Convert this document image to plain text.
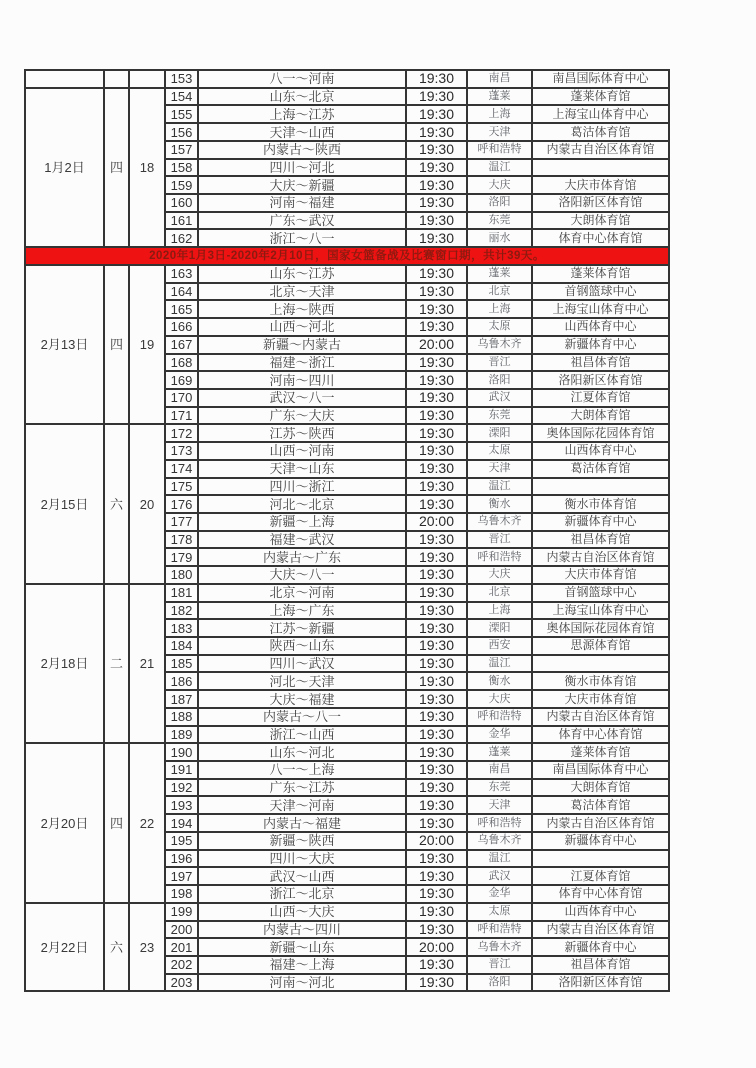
			153	八一～河南	19:30	南昌	南昌国际体育中心
1月2日	四	18	154	山东～北京	19:30	蓬莱	蓬莱体育馆
			155	上海～江苏	19:30	上海	上海宝山体育中心
			156	天津～山西	19:30	天津	葛沽体育馆
			157	内蒙古～陕西	19:30	呼和浩特	内蒙古自治区体育馆
			158	四川～河北	19:30	温江	
			159	大庆～新疆	19:30	大庆	大庆市体育馆
			160	河南～福建	19:30	洛阳	洛阳新区体育馆
			161	广东～武汉	19:30	东莞	大朗体育馆
			162	浙江～八一	19:30	丽水	体育中心体育馆
2020年1月3日-2020年2月10日，国家女篮备战及比赛窗口期，共计39天。							
2月13日	四	19	163	山东～江苏	19:30	蓬莱	蓬莱体育馆
			164	北京～天津	19:30	北京	首钢篮球中心
			165	上海～陕西	19:30	上海	上海宝山体育中心
			166	山西～河北	19:30	太原	山西体育中心
			167	新疆～内蒙古	20:00	乌鲁木齐	新疆体育中心
			168	福建～浙江	19:30	晋江	祖昌体育馆
			169	河南～四川	19:30	洛阳	洛阳新区体育馆
			170	武汉～八一	19:30	武汉	江夏体育馆
			171	广东～大庆	19:30	东莞	大朗体育馆
2月15日	六	20	172	江苏～陕西	19:30	溧阳	奥体国际花园体育馆
			173	山西～河南	19:30	太原	山西体育中心
			174	天津～山东	19:30	天津	葛沽体育馆
			175	四川～浙江	19:30	温江	
			176	河北～北京	19:30	衡水	衡水市体育馆
			177	新疆～上海	20:00	乌鲁木齐	新疆体育中心
			178	福建～武汉	19:30	晋江	祖昌体育馆
			179	内蒙古～广东	19:30	呼和浩特	内蒙古自治区体育馆
			180	大庆～八一	19:30	大庆	大庆市体育馆
2月18日	二	21	181	北京～河南	19:30	北京	首钢篮球中心
			182	上海～广东	19:30	上海	上海宝山体育中心
			183	江苏～新疆	19:30	溧阳	奥体国际花园体育馆
			184	陕西～山东	19:30	西安	思源体育馆
			185	四川～武汉	19:30	温江	
			186	河北～天津	19:30	衡水	衡水市体育馆
			187	大庆～福建	19:30	大庆	大庆市体育馆
			188	内蒙古～八一	19:30	呼和浩特	内蒙古自治区体育馆
			189	浙江～山西	19:30	金华	体育中心体育馆
2月20日	四	22	190	山东～河北	19:30	蓬莱	蓬莱体育馆
			191	八一～上海	19:30	南昌	南昌国际体育中心
			192	广东～江苏	19:30	东莞	大朗体育馆
			193	天津～河南	19:30	天津	葛沽体育馆
			194	内蒙古～福建	19:30	呼和浩特	内蒙古自治区体育馆
			195	新疆～陕西	20:00	乌鲁木齐	新疆体育中心
			196	四川～大庆	19:30	温江	
			197	武汉～山西	19:30	武汉	江夏体育馆
			198	浙江～北京	19:30	金华	体育中心体育馆
2月22日	六	23	199	山西～大庆	19:30	太原	山西体育中心
			200	内蒙古～四川	19:30	呼和浩特	内蒙古自治区体育馆
			201	新疆～山东	20:00	乌鲁木齐	新疆体育中心
			202	福建～上海	19:30	晋江	祖昌体育馆
			203	河南～河北	19:30	洛阳	洛阳新区体育馆
